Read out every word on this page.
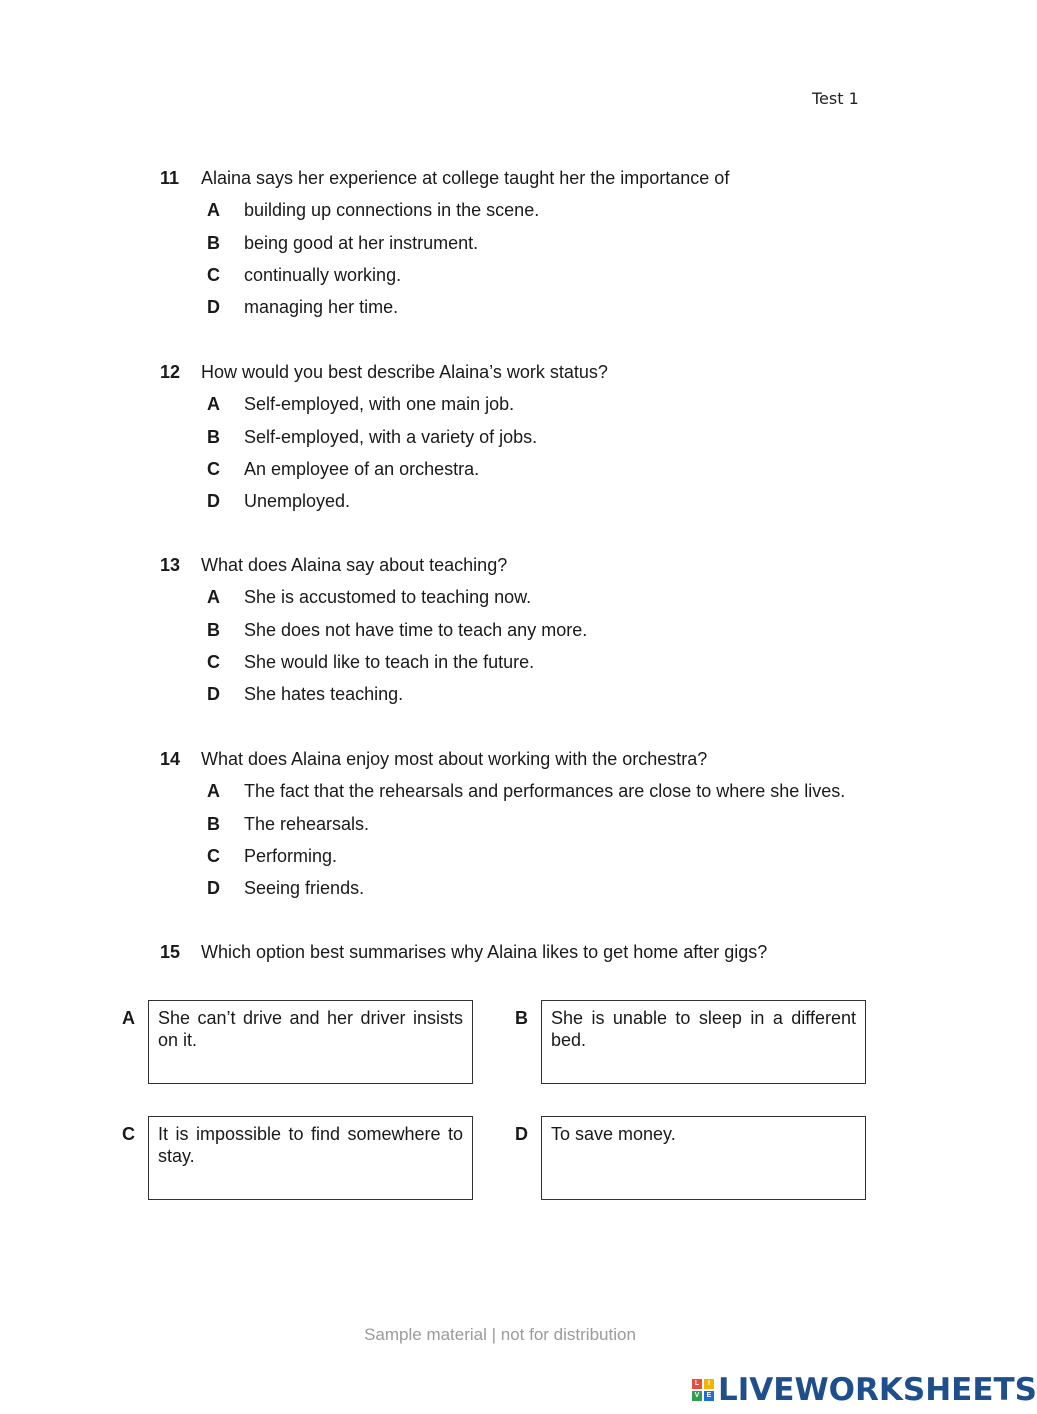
Test 1
11 Alaina says her experience at college taught her the importance of
A building up connections in the scene.
B being good at her instrument.
C continually working.
D managing her time.
12 How would you best describe Alaina’s work status?
A Self-employed, with one main job.
B Self-employed, with a variety of jobs.
C An employee of an orchestra.
D Unemployed.
13 What does Alaina say about teaching?
A She is accustomed to teaching now.
B She does not have time to teach any more.
C She would like to teach in the future.
D She hates teaching.
14 What does Alaina enjoy most about working with the orchestra?
A The fact that the rehearsals and performances are close to where she lives.
B The rehearsals.
C Performing.
D Seeing friends.
15 Which option best summarises why Alaina likes to get home after gigs?
A	She can’t drive and her driver insists on it.
B	She is unable to sleep in a different bed.
C	It is impossible to find somewhere to stay.
D	To save money.
Sample material | not for distribution
L	I
V	E LIVEWORKSHEETS
